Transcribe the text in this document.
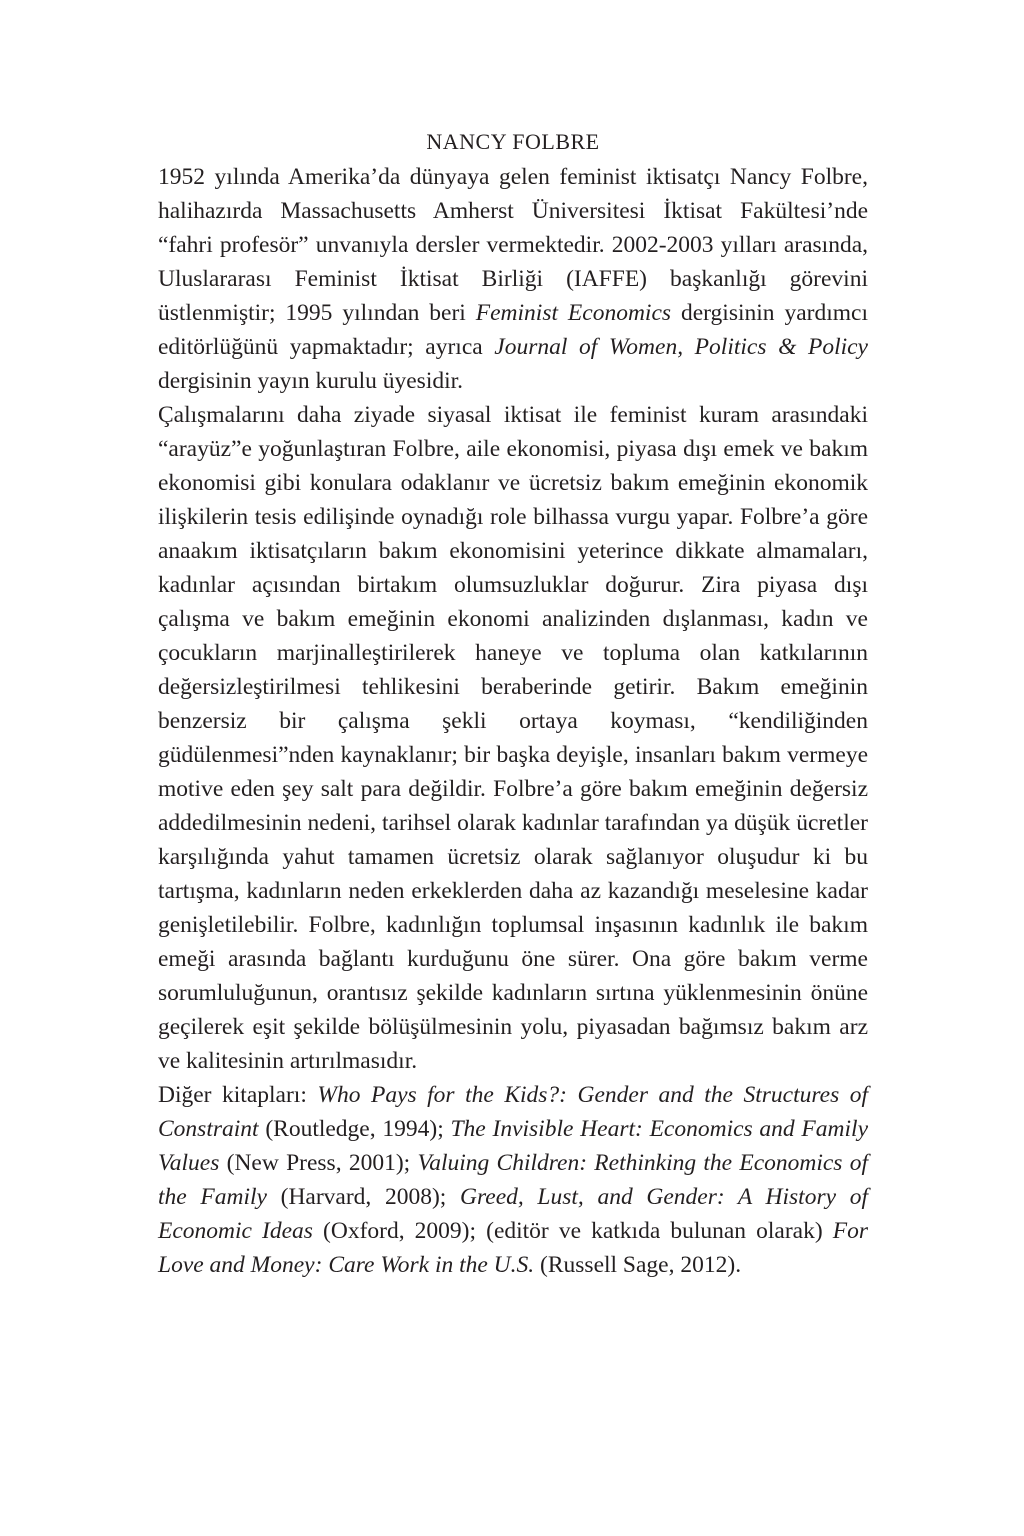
NANCY FOLBRE

1952 yılında Amerika’da dünyaya gelen feminist iktisatçı Nancy Folbre, halihazırda Massachusetts Amherst Üniversitesi İktisat Fakültesi’nde “fahri profesör” unvanıyla dersler vermektedir. 2002-2003 yılları arasında, Uluslararası Feminist İktisat Birliği (IAFFE) başkanlığı görevini üstlenmiştir; 1995 yılından beri Feminist Economics dergisinin yardımcı editörlüğünü yapmaktadır; ayrıca Journal of Women, Politics & Policy dergisinin yayın kurulu üyesidir.

Çalışmalarını daha ziyade siyasal iktisat ile feminist kuram arasındaki “arayüz”e yoğunlaştıran Folbre, aile ekonomisi, piyasa dışı emek ve bakım ekonomisi gibi konulara odaklanır ve ücretsiz bakım emeğinin ekonomik ilişkilerin tesis edilişinde oynadığı role bilhassa vurgu yapar. Folbre’a göre anaakım iktisatçıların bakım ekonomisini yeterince dikkate almamaları, kadınlar açısından birtakım olumsuzluklar doğurur. Zira piyasa dışı çalışma ve bakım emeğinin ekonomi analizinden dışlanması, kadın ve çocukların marjinalleştirilerek haneye ve topluma olan katkılarının değersizleştirilmesi tehlikesini beraberinde getirir. Bakım emeğinin benzersiz bir çalışma şekli ortaya koyması, “kendiliğinden güdülenmesi”nden kaynaklanır; bir başka deyişle, insanları bakım vermeye motive eden şey salt para değildir. Folbre’a göre bakım emeğinin değersiz addedilmesinin nedeni, tarihsel olarak kadınlar tarafından ya düşük ücretler karşılığında yahut tamamen ücretsiz olarak sağlanıyor oluşudur ki bu tartışma, kadınların neden erkeklerden daha az kazandığı meselesine kadar genişletilebilir. Folbre, kadınlığın toplumsal inşasının kadınlık ile bakım emeği arasında bağlantı kurduğunu öne sürer. Ona göre bakım verme sorumluluğunun, orantısız şekilde kadınların sırtına yüklenmesinin önüne geçilerek eşit şekilde bölüşülmesinin yolu, piyasadan bağımsız bakım arz ve kalitesinin artırılmasıdır.

Diğer kitapları: Who Pays for the Kids?: Gender and the Structures of Constraint (Routledge, 1994); The Invisible Heart: Economics and Family Values (New Press, 2001); Valuing Children: Rethinking the Economics of the Family (Harvard, 2008); Greed, Lust, and Gender: A History of Economic Ideas (Oxford, 2009); (editör ve katkıda bulunan olarak) For Love and Money: Care Work in the U.S. (Russell Sage, 2012).
